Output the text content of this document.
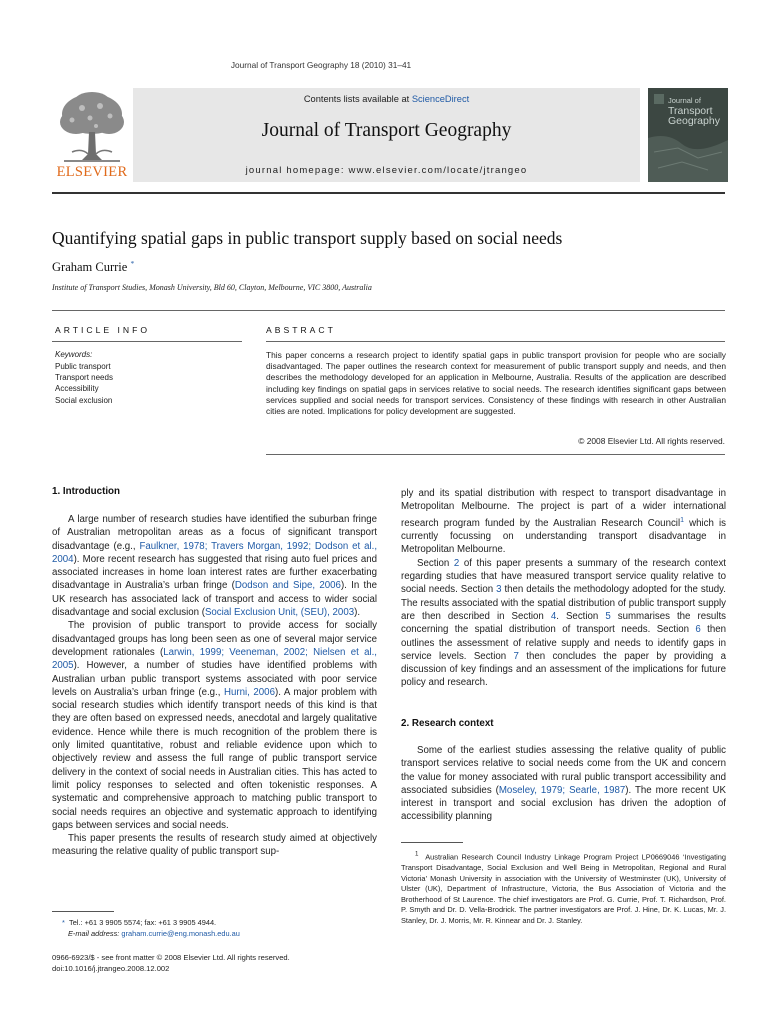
Journal of Transport Geography 18 (2010) 31–41
ELSEVIER
Contents lists available at ScienceDirect
Journal of Transport Geography
journal homepage: www.elsevier.com/locate/jtrangeo
Journal of
Transport
Geography
Quantifying spatial gaps in public transport supply based on social needs
Graham Currie *
Institute of Transport Studies, Monash University, Bld 60, Clayton, Melbourne, VIC 3800, Australia
ARTICLE INFO
Keywords:
Public transport
Transport needs
Accessibility
Social exclusion
ABSTRACT
This paper concerns a research project to identify spatial gaps in public transport provision for people who are socially disadvantaged. The paper outlines the research context for measurement of public transport supply and needs, and then describes the methodology developed for an application in Melbourne, Australia. Results of the application are described including key findings on spatial gaps in services relative to social needs. The research identifies significant gaps between services supplied and social needs for transport services. Consistency of these findings with research in other Australian cities are noted. Implications for policy development are suggested.
© 2008 Elsevier Ltd. All rights reserved.
1. Introduction

A large number of research studies have identified the suburban fringe of Australian metropolitan areas as a focus of significant transport disadvantage (e.g., Faulkner, 1978; Travers Morgan, 1992; Dodson et al., 2004). More recent research has suggested that rising auto fuel prices and associated increases in home loan interest rates are further exacerbating disadvantage in Australia’s urban fringe (Dodson and Sipe, 2006). In the UK research has associated lack of transport and access to wider social disadvantage and social exclusion (Social Exclusion Unit, (SEU), 2003).

The provision of public transport to provide access for socially disadvantaged groups has long been seen as one of several major service development rationales (Larwin, 1999; Veeneman, 2002; Nielsen et al., 2005). However, a number of studies have identified problems with Australian urban public transport systems associated with poor service levels on Australia’s urban fringe (e.g., Hurni, 2006). A major problem with social research studies which identify transport needs of this kind is that they are often based on expressed needs, anecdotal and largely qualitative evidence. Hence while there is much recognition of the problem there is only limited quantitative, robust and reliable evidence upon which to objectively review and assess the full range of public transport service delivery in the context of social needs in Australian cities. This has acted to limit policy responses to selected and often tokenistic responses. A systematic and comprehensive approach to matching public transport to social needs requires an objective and systematic approach to identifying gaps between services and social needs.

This paper presents the results of research study aimed at objectively measuring the relative quality of public transport sup-

* Tel.: +61 3 9905 5574; fax: +61 3 9905 4944.
E-mail address: graham.currie@eng.monash.edu.au

ply and its spatial distribution with respect to transport disadvantage in Metropolitan Melbourne. The project is part of a wider international research program funded by the Australian Research Council$^1$ which is currently focussing on understanding transport disadvantage in Metropolitan Melbourne.

Section 2 of this paper presents a summary of the research context regarding studies that have measured transport service quality relative to social needs. Section 3 then details the methodology adopted for the study. The results associated with the spatial distribution of public transport supply are then described in Section 4. Section 5 summarises the results concerning the spatial distribution of transport needs. Section 6 then outlines the assessment of relative supply and needs to identify gaps in service levels. Section 7 then concludes the paper by providing a discussion of key findings and an assessment of the implications for future policy and research.

2. Research context

Some of the earliest studies assessing the relative quality of public transport services relative to social needs come from the UK and concern the value for money associated with rural public transport accessibility and associated subsidies (Moseley, 1979; Searle, 1987). The more recent UK interest in transport and social exclusion has driven the adoption of accessibility planning

$^1$ Australian Research Council Industry Linkage Program Project LP0669046 ‘Investigating Transport Disadvantage, Social Exclusion and Well Being in Metropolitan, Regional and Rural Victoria’ Monash University in association with the University of Westminster (UK), University of Ulster (UK), Department of Infrastructure, Victoria, the Bus Association of Victoria and the Brotherhood of St Laurence. The chief investigators are Prof. G. Currie, Prof. T. Richardson, Prof. P. Smyth and Dr. D. Vella-Brodrick. The partner investigators are Prof. J. Hine, Dr. K. Lucas, Mr. J. Stanley, Dr. J. Morris, Mr. R. Kinnear and Dr. J. Stanley.
0966-6923/$ - see front matter © 2008 Elsevier Ltd. All rights reserved.
doi:10.1016/j.jtrangeo.2008.12.002
